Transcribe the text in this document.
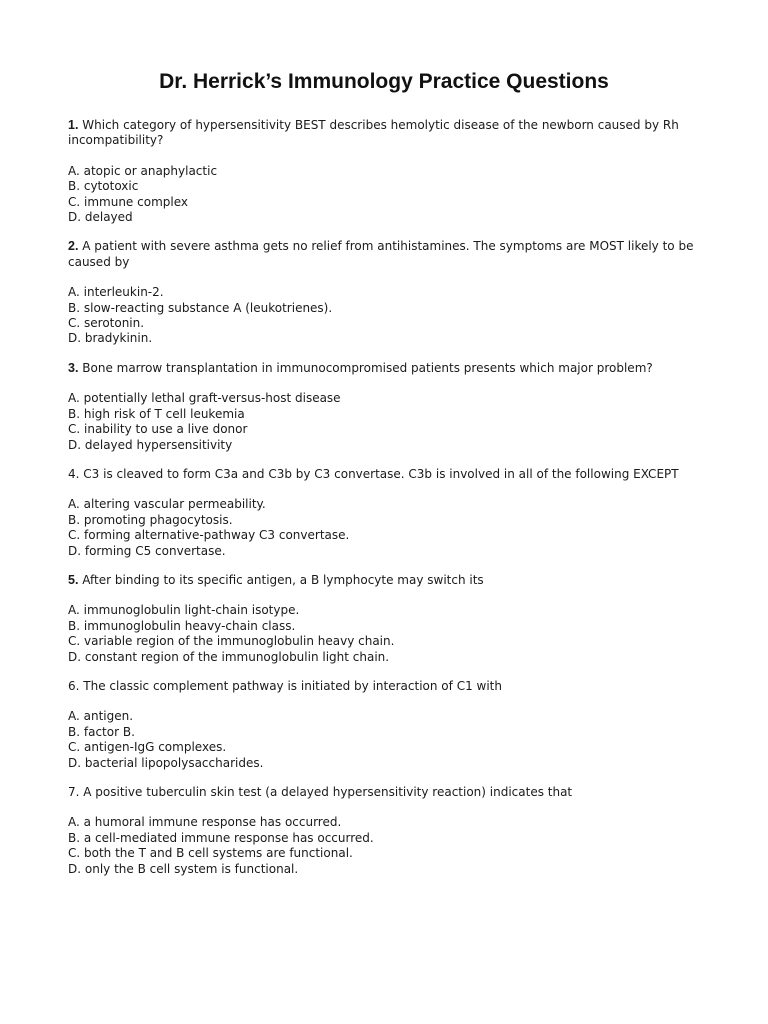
Dr. Herrick’s Immunology Practice Questions

1. Which category of hypersensitivity BEST describes hemolytic disease of the newborn caused by Rh incompatibility?

A. atopic or anaphylactic
B. cytotoxic
C. immune complex
D. delayed

2. A patient with severe asthma gets no relief from antihistamines. The symptoms are MOST likely to be caused by

A. interleukin-2.
B. slow-reacting substance A (leukotrienes).
C. serotonin.
D. bradykinin.

3. Bone marrow transplantation in immunocompromised patients presents which major problem?

A. potentially lethal graft-versus-host disease
B. high risk of T cell leukemia
C. inability to use a live donor
D. delayed hypersensitivity

4. C3 is cleaved to form C3a and C3b by C3 convertase. C3b is involved in all of the following EXCEPT

A. altering vascular permeability.
B. promoting phagocytosis.
C. forming alternative-pathway C3 convertase.
D. forming C5 convertase.

5. After binding to its specific antigen, a B lymphocyte may switch its

A. immunoglobulin light-chain isotype.
B. immunoglobulin heavy-chain class.
C. variable region of the immunoglobulin heavy chain.
D. constant region of the immunoglobulin light chain.

6. The classic complement pathway is initiated by interaction of C1 with

A. antigen.
B. factor B.
C. antigen-IgG complexes.
D. bacterial lipopolysaccharides.

7. A positive tuberculin skin test (a delayed hypersensitivity reaction) indicates that

A. a humoral immune response has occurred.
B. a cell-mediated immune response has occurred.
C. both the T and B cell systems are functional.
D. only the B cell system is functional.
